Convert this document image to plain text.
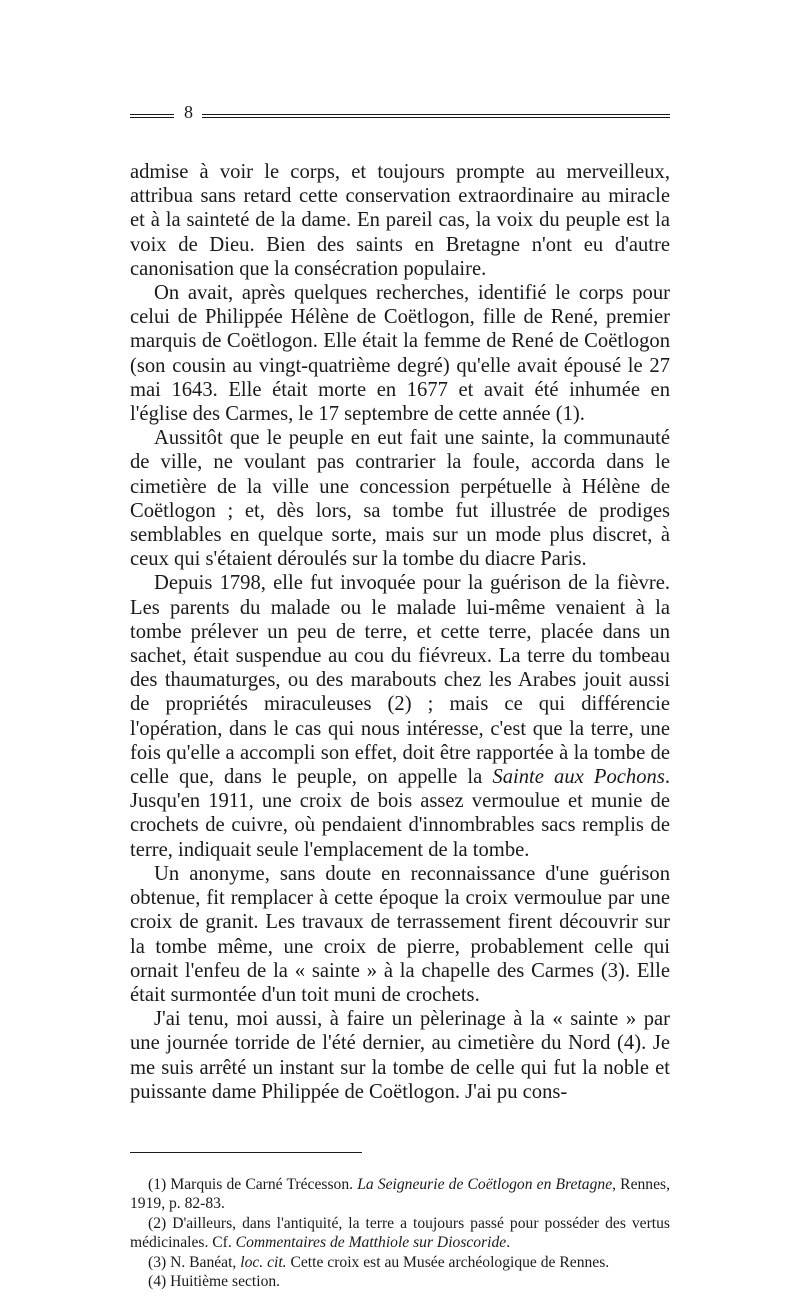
8

admise à voir le corps, et toujours prompte au merveilleux, attribua sans retard cette conservation extraordinaire au miracle et à la sainteté de la dame. En pareil cas, la voix du peuple est la voix de Dieu. Bien des saints en Bretagne n'ont eu d'autre canonisation que la consécration populaire.

On avait, après quelques recherches, identifié le corps pour celui de Philippée Hélène de Coëtlogon, fille de René, premier marquis de Coëtlogon. Elle était la femme de René de Coëtlogon (son cousin au vingt-quatrième degré) qu'elle avait épousé le 27 mai 1643. Elle était morte en 1677 et avait été inhumée en l'église des Carmes, le 17 septembre de cette année (1).

Aussitôt que le peuple en eut fait une sainte, la communauté de ville, ne voulant pas contrarier la foule, accorda dans le cimetière de la ville une concession perpétuelle à Hélène de Coëtlogon ; et, dès lors, sa tombe fut illustrée de prodiges semblables en quelque sorte, mais sur un mode plus discret, à ceux qui s'étaient déroulés sur la tombe du diacre Paris.

Depuis 1798, elle fut invoquée pour la guérison de la fièvre. Les parents du malade ou le malade lui-même venaient à la tombe prélever un peu de terre, et cette terre, placée dans un sachet, était suspendue au cou du fiévreux. La terre du tombeau des thaumaturges, ou des marabouts chez les Arabes jouit aussi de propriétés miraculeuses (2) ; mais ce qui différencie l'opération, dans le cas qui nous intéresse, c'est que la terre, une fois qu'elle a accompli son effet, doit être rapportée à la tombe de celle que, dans le peuple, on appelle la Sainte aux Pochons. Jusqu'en 1911, une croix de bois assez vermoulue et munie de crochets de cuivre, où pendaient d'innombrables sacs remplis de terre, indiquait seule l'emplacement de la tombe.

Un anonyme, sans doute en reconnaissance d'une guérison obtenue, fit remplacer à cette époque la croix vermoulue par une croix de granit. Les travaux de terrassement firent découvrir sur la tombe même, une croix de pierre, probablement celle qui ornait l'enfeu de la « sainte » à la chapelle des Carmes (3). Elle était surmontée d'un toit muni de crochets.

J'ai tenu, moi aussi, à faire un pèlerinage à la « sainte » par une journée torride de l'été dernier, au cimetière du Nord (4). Je me suis arrêté un instant sur la tombe de celle qui fut la noble et puissante dame Philippée de Coëtlogon. J'ai pu cons-

(1) Marquis de Carné Trécesson. La Seigneurie de Coëtlogon en Bretagne, Rennes, 1919, p. 82-83.

(2) D'ailleurs, dans l'antiquité, la terre a toujours passé pour posséder des vertus médicinales. Cf. Commentaires de Matthiole sur Dioscoride.

(3) N. Banéat, loc. cit. Cette croix est au Musée archéologique de Rennes.

(4) Huitième section.
